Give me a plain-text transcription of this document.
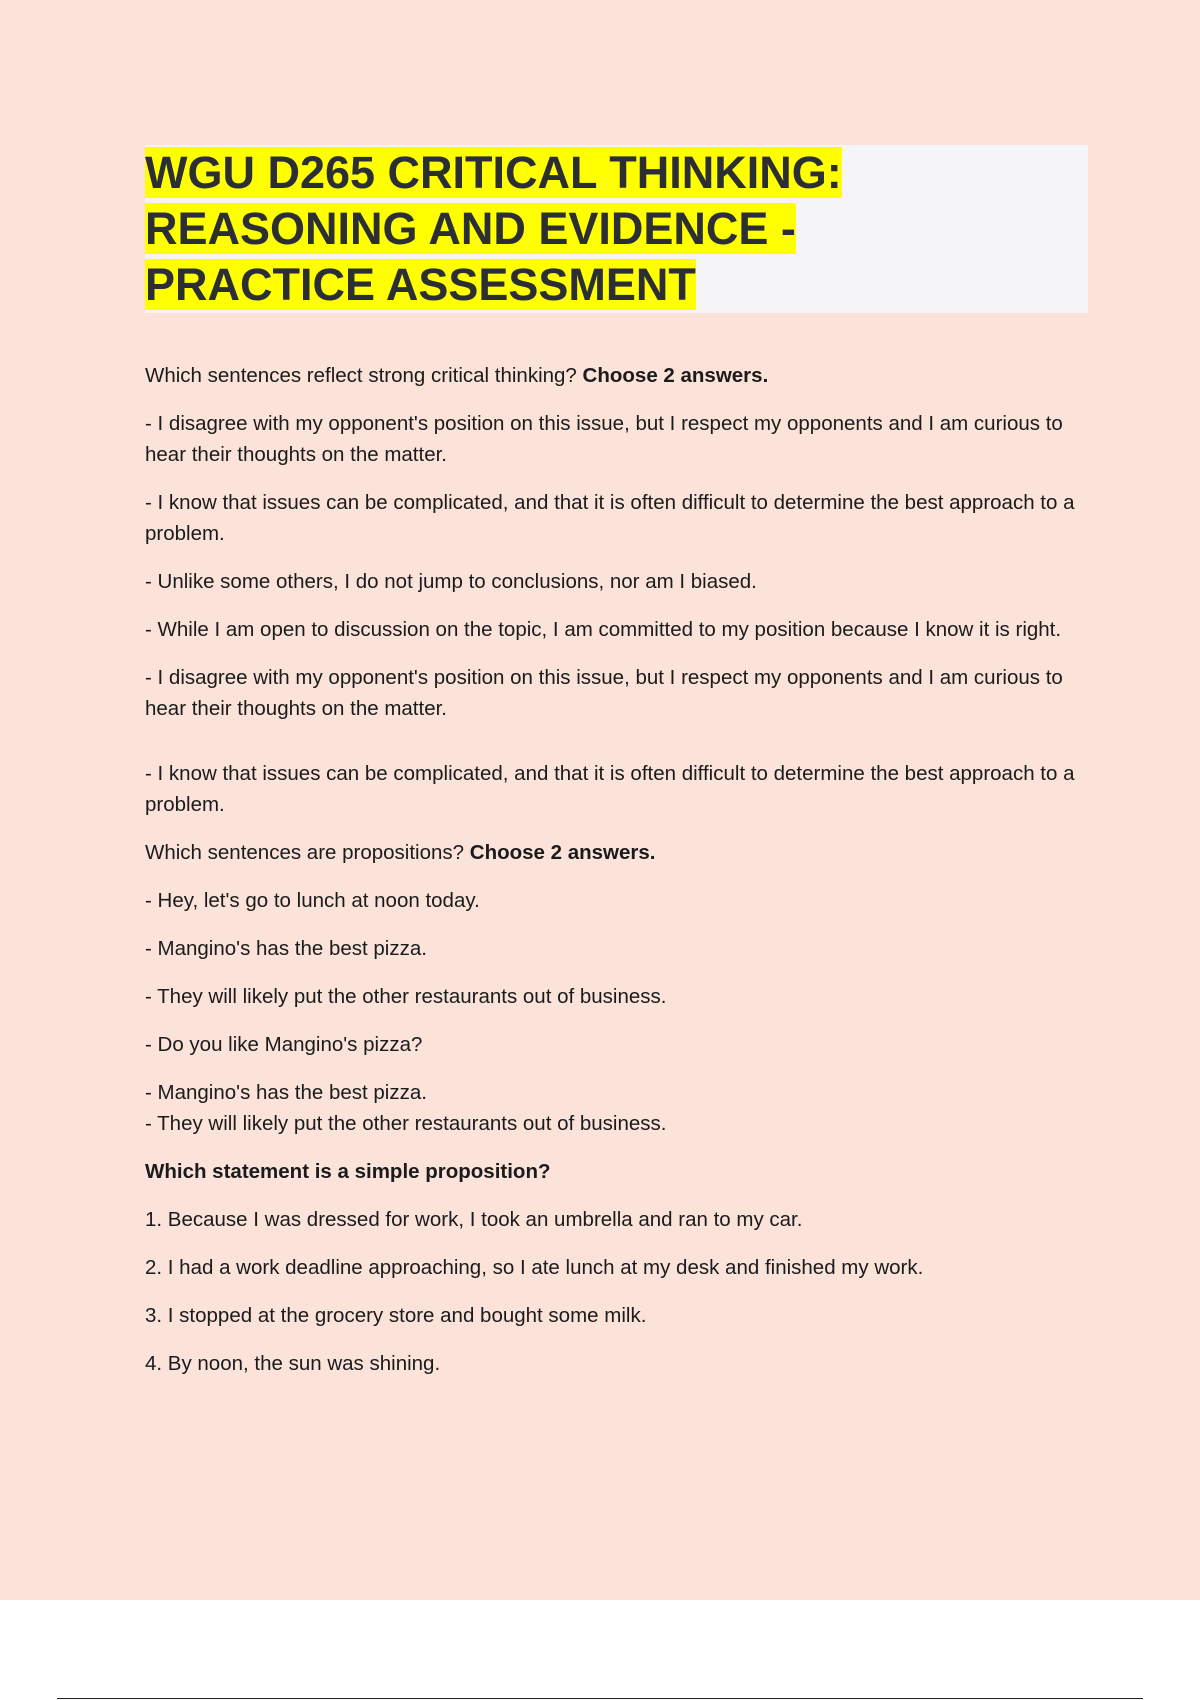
WGU D265 CRITICAL THINKING:
REASONING AND EVIDENCE -
PRACTICE ASSESSMENT

Which sentences reflect strong critical thinking? Choose 2 answers.

- I disagree with my opponent's position on this issue, but I respect my opponents and I am curious to hear their thoughts on the matter.

- I know that issues can be complicated, and that it is often difficult to determine the best approach to a problem.

- Unlike some others, I do not jump to conclusions, nor am I biased.

- While I am open to discussion on the topic, I am committed to my position because I know it is right.

- I disagree with my opponent's position on this issue, but I respect my opponents and I am curious to hear their thoughts on the matter.

- I know that issues can be complicated, and that it is often difficult to determine the best approach to a problem.

Which sentences are propositions? Choose 2 answers.

- Hey, let's go to lunch at noon today.

- Mangino's has the best pizza.

- They will likely put the other restaurants out of business.

- Do you like Mangino's pizza?

- Mangino's has the best pizza.

- They will likely put the other restaurants out of business.

Which statement is a simple proposition?

1. Because I was dressed for work, I took an umbrella and ran to my car.

2. I had a work deadline approaching, so I ate lunch at my desk and finished my work.

3. I stopped at the grocery store and bought some milk.

4. By noon, the sun was shining.
